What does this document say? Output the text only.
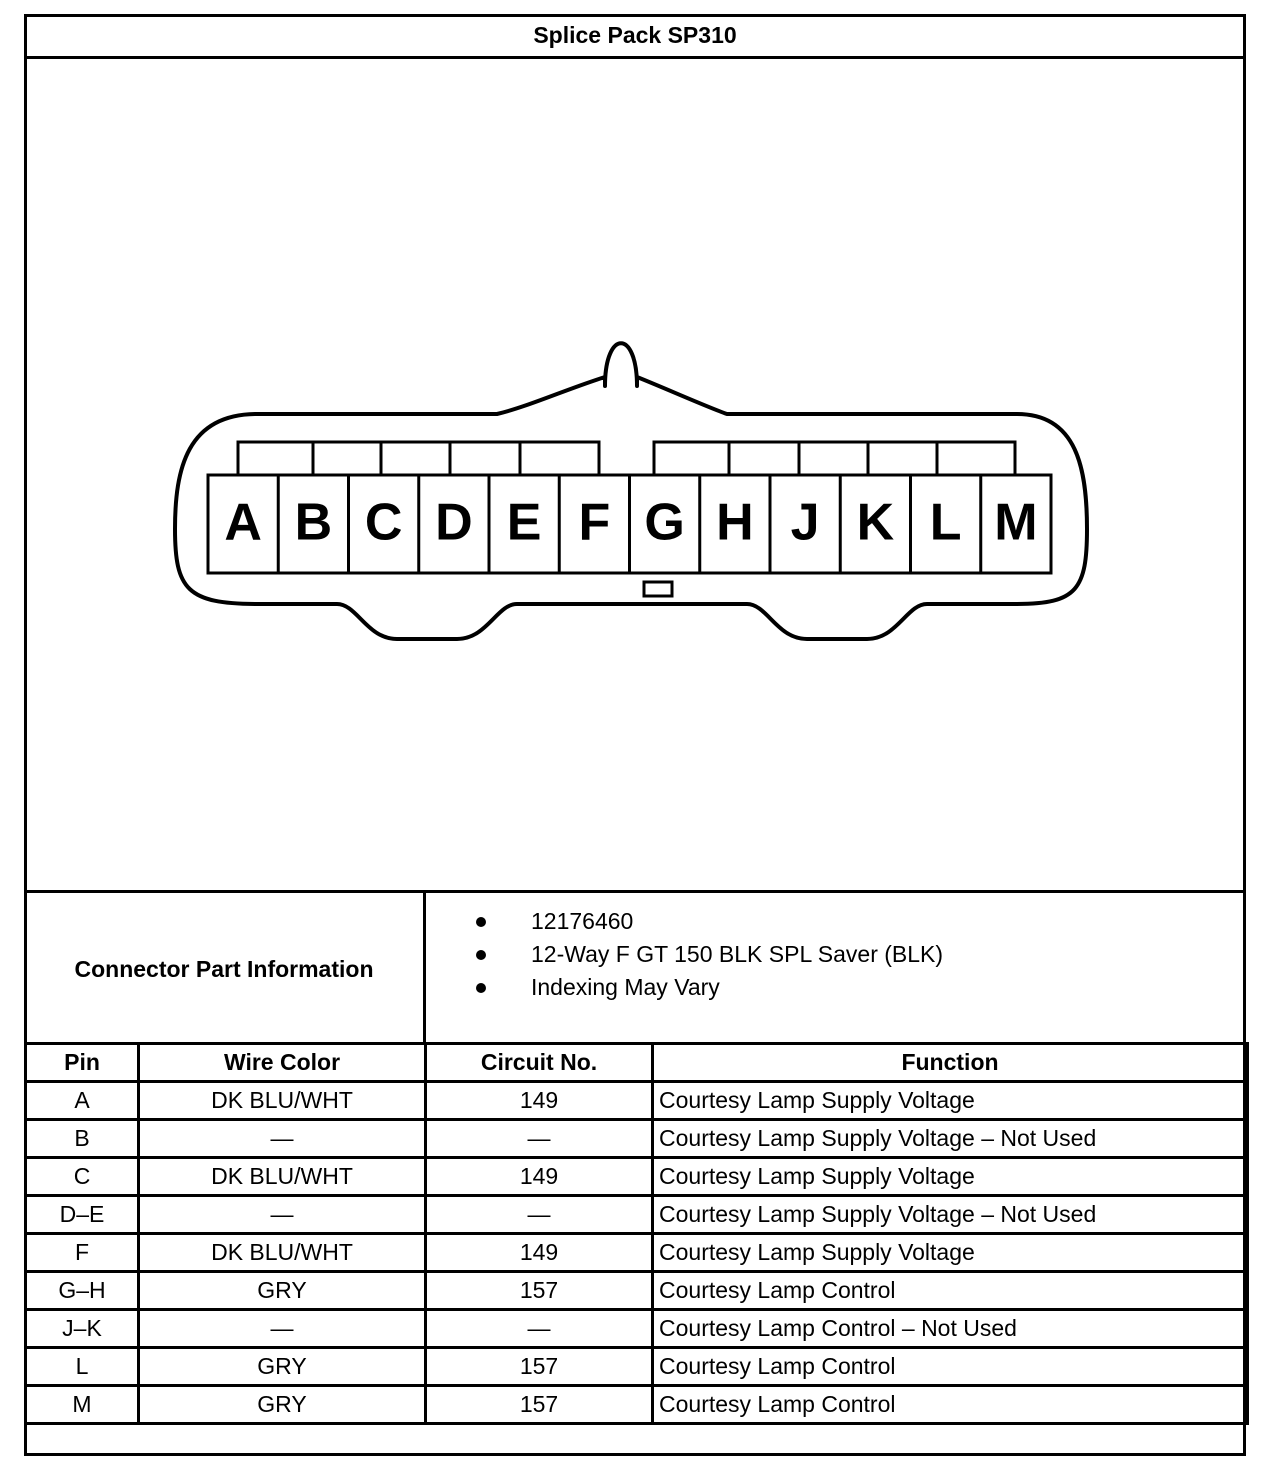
Splice Pack SP310
A B C D E F G H J K L M
Connector Part Information
12176460
12-Way F GT 150 BLK SPL Saver (BLK)
Indexing May Vary
Pin	Wire Color	Circuit No.	Function
A	DK BLU/WHT	149	Courtesy Lamp Supply Voltage
B	—	—	Courtesy Lamp Supply Voltage – Not Used
C	DK BLU/WHT	149	Courtesy Lamp Supply Voltage
D–E	—	—	Courtesy Lamp Supply Voltage – Not Used
F	DK BLU/WHT	149	Courtesy Lamp Supply Voltage
G–H	GRY	157	Courtesy Lamp Control
J–K	—	—	Courtesy Lamp Control – Not Used
L	GRY	157	Courtesy Lamp Control
M	GRY	157	Courtesy Lamp Control
